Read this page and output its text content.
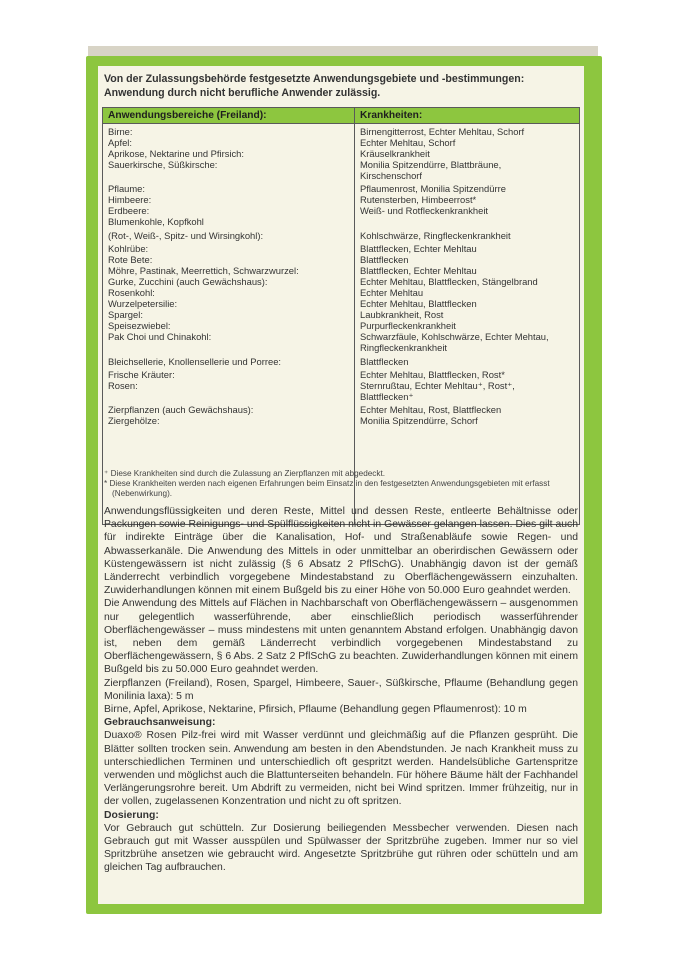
Von der Zulassungsbehörde festgesetzte Anwendungsgebiete und -bestimmungen:
Anwendung durch nicht berufliche Anwender zulässig.
Anwendungsbereiche (Freiland):	Krankheiten:
Birne:	Birnengitterrost, Echter Mehltau, Schorf
Apfel:	Echter Mehltau, Schorf
Aprikose, Nektarine und Pfirsich:	Kräuselkrankheit
Sauerkirsche, Süßkirsche:	Monilia Spitzendürre, Blattbräune,
Kirschenschorf
Pflaume:	Pflaumenrost, Monilia Spitzendürre
Himbeere:	Rutensterben, Himbeerrost*
Erdbeere:	Weiß- und Rotfleckenkrankheit
Blumenkohle, Kopfkohl
(Rot-, Weiß-, Spitz- und Wirsingkohl):	Kohlschwärze, Ringfleckenkrankheit
Kohlrübe:	Blattflecken, Echter Mehltau
Rote Bete:	Blattflecken
Möhre, Pastinak, Meerrettich, Schwarzwurzel:	Blattflecken, Echter Mehltau
Gurke, Zucchini (auch Gewächshaus):	Echter Mehltau, Blattflecken, Stängelbrand
Rosenkohl:	Echter Mehltau
Wurzelpetersilie:	Echter Mehltau, Blattflecken
Spargel:	Laubkrankheit, Rost
Speisezwiebel:	Purpurfleckenkrankheit
Pak Choi und Chinakohl:	Schwarzfäule, Kohlschwärze, Echter Mehtau,
Ringfleckenkrankheit
Bleichsellerie, Knollensellerie und Porree:	Blattflecken
Frische Kräuter:	Echter Mehltau, Blattflecken, Rost*
Rosen:	Sternrußtau, Echter Mehltau⁺, Rost⁺,
Blattflecken⁺
Zierpflanzen (auch Gewächshaus):	Echter Mehltau, Rost, Blattflecken
Ziergehölze:	Monilia Spitzendürre, Schorf

⁺ Diese Krankheiten sind durch die Zulassung an Zierpflanzen mit abgedeckt.

* Diese Krankheiten werden nach eigenen Erfahrungen beim Einsatz in den festgesetzten Anwendungsgebieten mit erfasst (Nebenwirkung).

Anwendungsflüssigkeiten und deren Reste, Mittel und dessen Reste, entleerte Behältnisse oder Packungen sowie Reinigungs- und Spülflüssigkeiten nicht in Gewässer gelangen lassen. Dies gilt auch für indirekte Einträge über die Kanalisation, Hof- und Straßenabläufe sowie Regen- und Abwasserkanäle. Die Anwendung des Mittels in oder unmittelbar an oberirdischen Gewässern oder Küstengewässern ist nicht zulässig (§ 6 Absatz 2 PflSchG). Unabhängig davon ist der gemäß Länderrecht verbindlich vorgegebene Mindestabstand zu Oberflächengewässern einzuhalten. Zuwiderhandlungen können mit einem Bußgeld bis zu einer Höhe von 50.000 Euro geahndet werden.

Die Anwendung des Mittels auf Flächen in Nachbarschaft von Oberflächengewässern – ausgenommen nur gelegentlich wasserführende, aber einschließlich periodisch wasserführender Oberflächengewässer – muss mindestens mit unten genanntem Abstand erfolgen. Unabhängig davon ist, neben dem gemäß Länderrecht verbindlich vorgegebenen Mindestabstand zu Oberflächengewässern, § 6 Abs. 2 Satz 2 PflSchG zu beachten. Zuwiderhandlungen können mit einem Bußgeld bis zu 50.000 Euro geahndet werden.

Zierpflanzen (Freiland), Rosen, Spargel, Himbeere, Sauer-, Süßkirsche, Pflaume (Behandlung gegen Monilinia laxa): 5 m

Birne, Apfel, Aprikose, Nektarine, Pfirsich, Pflaume (Behandlung gegen Pflaumenrost): 10 m

Gebrauchsanweisung:

Duaxo® Rosen Pilz-frei wird mit Wasser verdünnt und gleichmäßig auf die Pflanzen gesprüht. Die Blätter sollten trocken sein. Anwendung am besten in den Abendstunden. Je nach Krankheit muss zu unterschiedlichen Terminen und unterschiedlich oft gespritzt werden. Handelsübliche Gartenspritze verwenden und möglichst auch die Blattunterseiten behandeln. Für höhere Bäume hält der Fachhandel Verlängerungsrohre bereit. Um Abdrift zu vermeiden, nicht bei Wind spritzen. Immer frühzeitig, nur in der vollen, zugelassenen Konzentration und nicht zu oft spritzen.

Dosierung:

Vor Gebrauch gut schütteln. Zur Dosierung beiliegenden Messbecher verwenden. Diesen nach Gebrauch gut mit Wasser ausspülen und Spülwasser der Spritzbrühe zugeben. Immer nur so viel Spritzbrühe ansetzen wie gebraucht wird. Angesetzte Spritzbrühe gut rühren oder schütteln und am gleichen Tag aufbrauchen.
